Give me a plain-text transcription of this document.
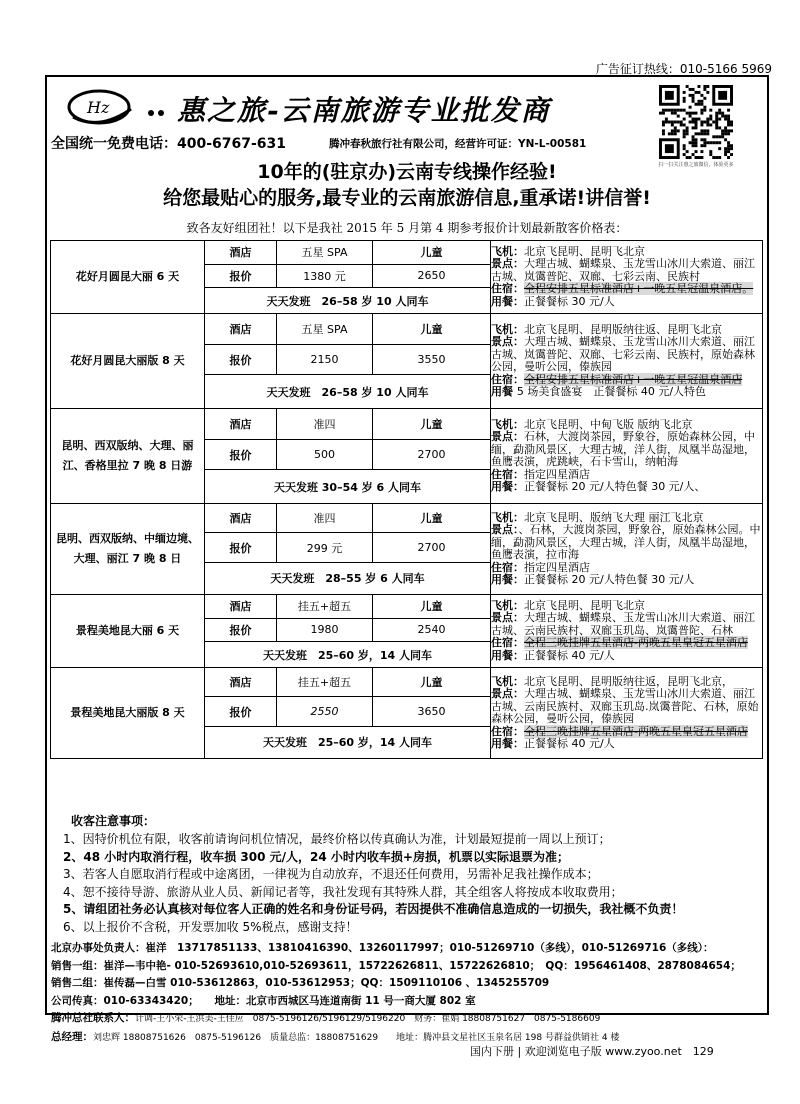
广告征订热线：010-5166 5969
Hz 惠之旅-云南旅游专业批发商
扫一扫关注惠之旅微信，体验更多
全国统一免费电话：400-6767-631	腾冲春秋旅行社有限公司，经营许可证：YN-L-00581
10年的(驻京办)云南专线操作经验!
给您最贴心的服务,最专业的云南旅游信息,重承诺!讲信誉!
致各友好组团社！以下是我社 2015 年 5 月第 4 期参考报价计划最新散客价格表：
花好月圆昆大丽 6 天	酒店	五星 SPA	儿童	飞机：北京飞昆明、昆明飞北京
景点：大理古城、蝴蝶泉、玉龙雪山冰川大索道、丽江古城、岚霭普陀、双廊、七彩云南、民族村
住宿：全程安排五星标准酒店+一晚五星冠温泉酒店。
用餐：正餐餐标 30 元/人

	报价	1380 元	2650	
	天天发班　26–58 岁 10 人同车			
花好月圆昆大丽版 8 天	酒店	五星 SPA	儿童	飞机：北京飞昆明、昆明版纳往返、昆明飞北京
景点：大理古城、蝴蝶泉、玉龙雪山冰川大索道、丽江古城、岚霭普陀、双廊、七彩云南、民族村，原始森林公园，曼听公园，傣族园
住宿：全程安排五星标准酒店+一晚五星冠温泉酒店
用餐 5 场美食盛宴　正餐餐标 40 元/人特色

	报价	2150	3550	
	天天发班　26–58 岁 10 人同车			
昆明、西双版纳、大理、丽江、香格里拉 7 晚 8 日游	酒店	准四	儿童	飞机：北京飞昆明、中甸飞版 版纳飞北京
景点：石林，大渡岗茶园，野象谷，原始森林公园，中缅，勐泐风景区，大理古城，洋人街，凤凰半岛湿地，鱼鹰表演，虎跳峡，石卡雪山，纳帕海
住宿：指定四星酒店
用餐：正餐餐标 20 元/人特色餐 30 元/人、

	报价	500	2700	
	天天发班 30–54 岁 6 人同车			
昆明、西双版纳、中缅边境、大理、丽江 7 晚 8 日	酒店	准四	儿童	飞机：北京飞昆明、版纳飞大理 丽江飞北京
景点：、石林，大渡岗茶园，野象谷，原始森林公园。中缅，勐泐风景区，大理古城，洋人街，凤凰半岛湿地，鱼鹰表演，拉市海
住宿：指定四星酒店
用餐：正餐餐标 20 元/人特色餐 30 元/人

	报价	299 元	2700	
	天天发班　28–55 岁 6 人同车			
景程美地昆大丽 6 天	酒店	挂五+超五	儿童	飞机：北京飞昆明、昆明飞北京
景点：大理古城、蝴蝶泉、玉龙雪山冰川大索道、丽江古城、云南民族村、双廊玉玑岛、岚霭普陀、石林
住宿：全程三晚挂牌五星酒店-两晚五星皇冠五星酒店
用餐：正餐餐标 40 元/人

	报价	1980	2540	
	天天发班　25–60 岁，14 人同车			
景程美地昆大丽版 8 天	酒店	挂五+超五	儿童	飞机：北京飞昆明、昆明版纳往返，昆明飞北京，
景点：大理古城、蝴蝶泉、玉龙雪山冰川大索道、丽江古城、云南民族村、双廊玉玑岛.岚霭普陀、石林，原始森林公园，曼听公园，傣族园
住宿：全程三晚挂牌五星酒店-两晚五星皇冠五星酒店
用餐：正餐餐标 40 元/人

	报价	2550	3650	
	天天发班　25–60 岁，14 人同车			
收客注意事项：
1、因特价机位有限，收客前请询问机位情况，最终价格以传真确认为准，计划最短提前一周以上预订；
2、48 小时内取消行程，收车损 300 元/人，24 小时内收车损+房损，机票以实际退票为准；
3、若客人自愿取消行程或中途离团，一律视为自动放弃，不退还任何费用，另需补足我社操作成本；
4、恕不接待导游、旅游从业人员、新闻记者等，我社发现有其特殊人群，其全组客人将按成本收取费用；
5、请组团社务必认真核对每位客人正确的姓名和身份证号码，若因提供不准确信息造成的一切损失，我社概不负责！
6、以上报价不含税，开发票加收 5%税点，感谢支持！
北京办事处负责人：崔洋　13717851133、13810416390、13260117997；010-51269710（多线），010-51269716（多线）：
销售一组：崔洋—韦中艳- 010-52693610,010-52693611，15722626811、15722626810；　QQ：1956461408、2878084654；
销售二组：崔传磊—白雪 010-53612863，010-53612953；QQ：1509110106 、1345255709
公司传真：010-63343420；　　地址：北京市西城区马连道南街 11 号一商大厦 802 室
腾冲总社联系人：计调-王小荣-王洪美-王佳应　0875-5196126/5196129/5196220　财务：崔娟 18808751627　0875-5186609
总经理：刘忠辉 18808751626　0875-5196126　质量总监：18808751629　　地址：腾冲县文星社区玉泉名居 198 号群益供销社 4 楼
国内下册 | 欢迎浏览电子版 www.zyoo.net　129
